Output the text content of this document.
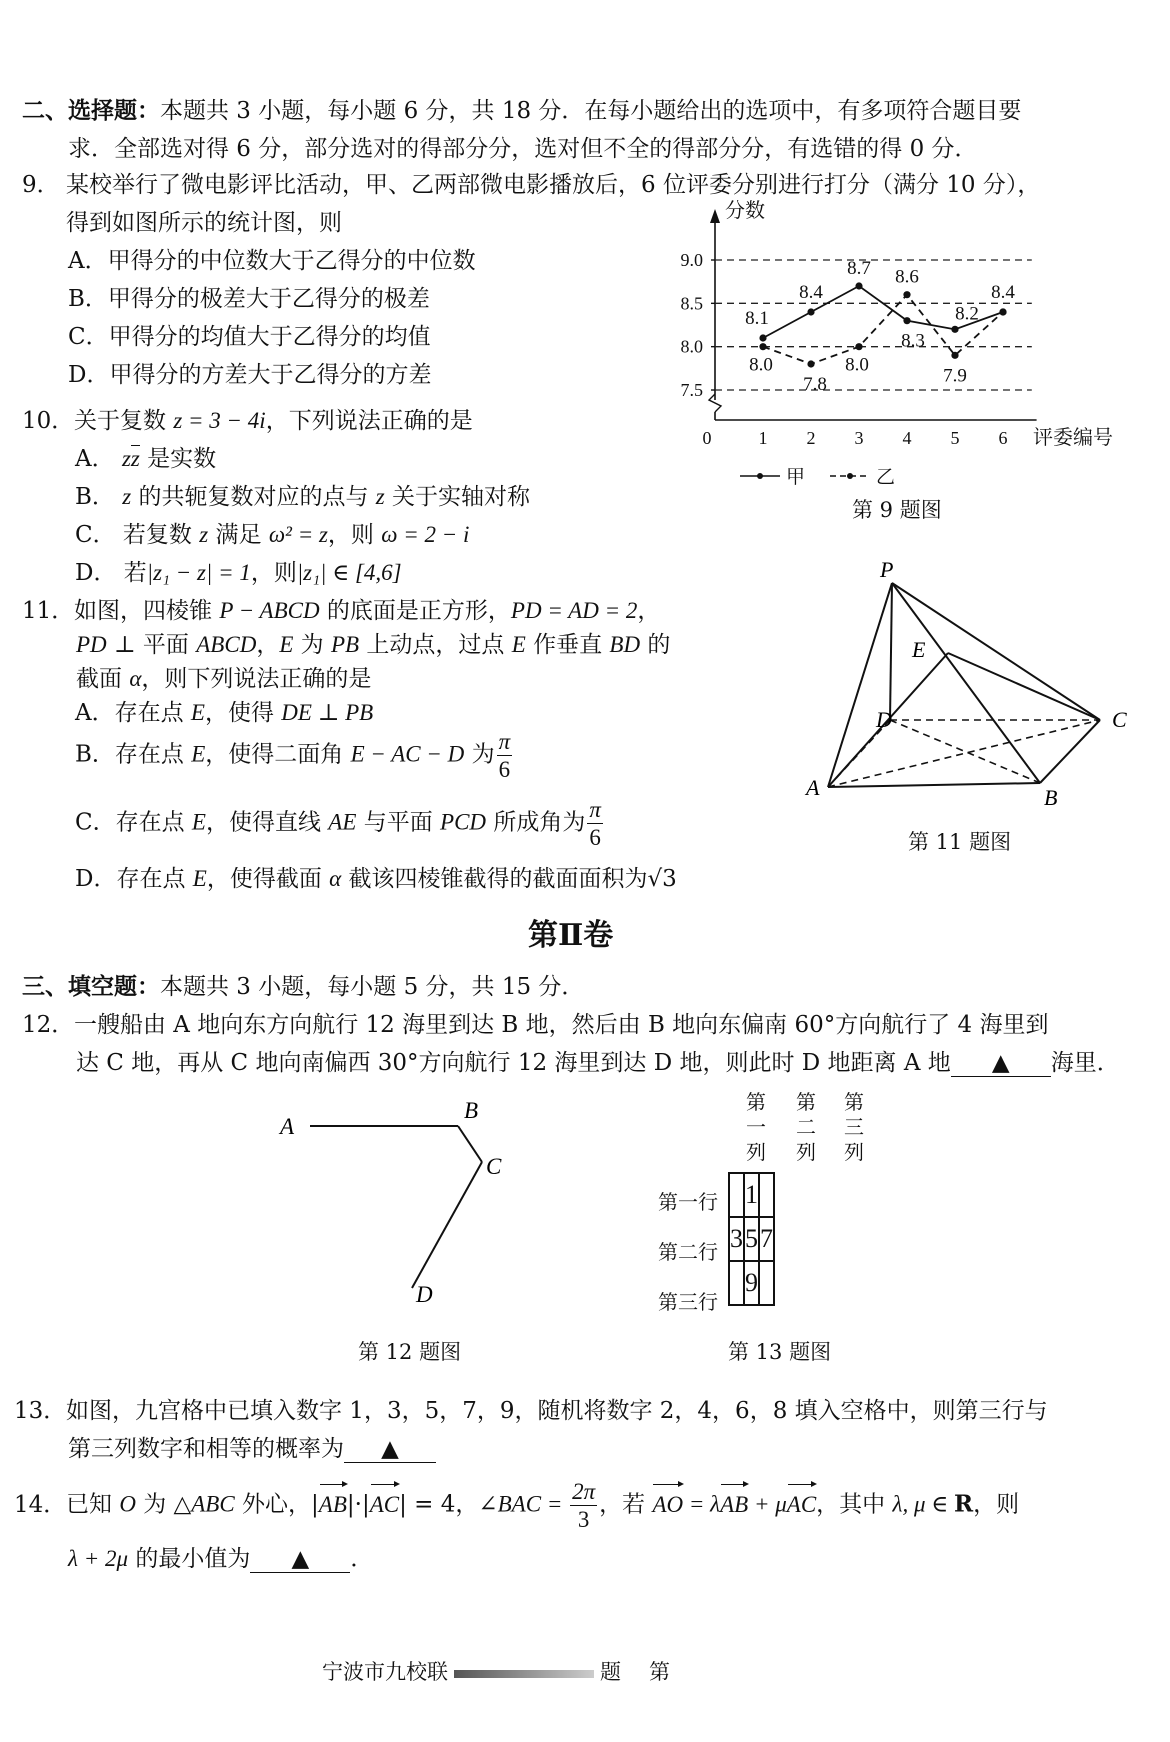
二、选择题：本题共 3 小题，每小题 6 分，共 18 分．在每小题给出的选项中，有多项符合题目要
求．全部选对得 6 分，部分选对的得部分分，选对但不全的得部分分，有选错的得 0 分．
9． 某校举行了微电影评比活动，甲、乙两部微电影播放后，6 位评委分别进行打分（满分 10 分），
得到如图所示的统计图，则
A．甲得分的中位数大于乙得分的中位数
B．甲得分的极差大于乙得分的极差
C．甲得分的均值大于乙得分的均值
D．甲得分的方差大于乙得分的方差
分数
9.0
8.5
8.0
7.5
0	1 2 3 4 5 6 评委编号
8.1
8.4
8.7
8.3
8.2
8.4
8.0
7.8
8.0
8.6
7.9
甲	乙
第 9 题图
10． 关于复数 z = 3 − 4i，下列说法正确的是
A． zz 是实数
B． z 的共轭复数对应的点与 z 关于实轴对称
C． 若复数 z 满足 ω² = z，则 ω = 2 − i
D． 若|z₁ − z| = 1，则|z₁| ∈ [4,6]
11． 如图，四棱锥 P − ABCD 的底面是正方形，PD = AD = 2，
PD ⊥ 平面 ABCD，E 为 PB 上动点，过点 E 作垂直 BD 的
截面 α，则下列说法正确的是
A．存在点 E，使得 DE ⊥ PB
B．存在点 E，使得二面角 E − AC − D 为 $\frac{\pi}{6}$
C．存在点 E，使得直线 AE 与平面 PCD 所成角为 $\frac{\pi}{6}$
D．存在点 E，使得截面 α 截该四棱锥截得的截面面积为√3
P
E
D	C
A	B
第 11 题图
第Ⅱ卷
三、填空题：本题共 3 小题，每小题 5 分，共 15 分．
12． 一艘船由 A 地向东方向航行 12 海里到达 B 地，然后由 B 地向东偏南 60°方向航行了 4 海里到
达 C 地，再从 C 地向南偏西 30°方向航行 12 海里到达 D 地，则此时 D 地距离 A 地 ▲ 海里．
A
B
C
D
第 12 题图
第
一
列
第
二
列
第
三
列
第一行
第二行
第三行
	1	
3	5	7
	9	
第 13 题图
13． 如图，九宫格中已填入数字 1，3，5，7，9，随机将数字 2，4，6，8 填入空格中，则第三行与
第三列数字和相等的概率为 ▲
14． 已知 O 为 △ABC 外心，|AB|·|AC| = 4，∠BAC = $\frac{2\pi}{3}$ ，若 AO = λAB + μAC，其中 λ, μ ∈ R，则
λ + 2μ 的最小值为 ▲ ．
宁波市九校联	题 第
